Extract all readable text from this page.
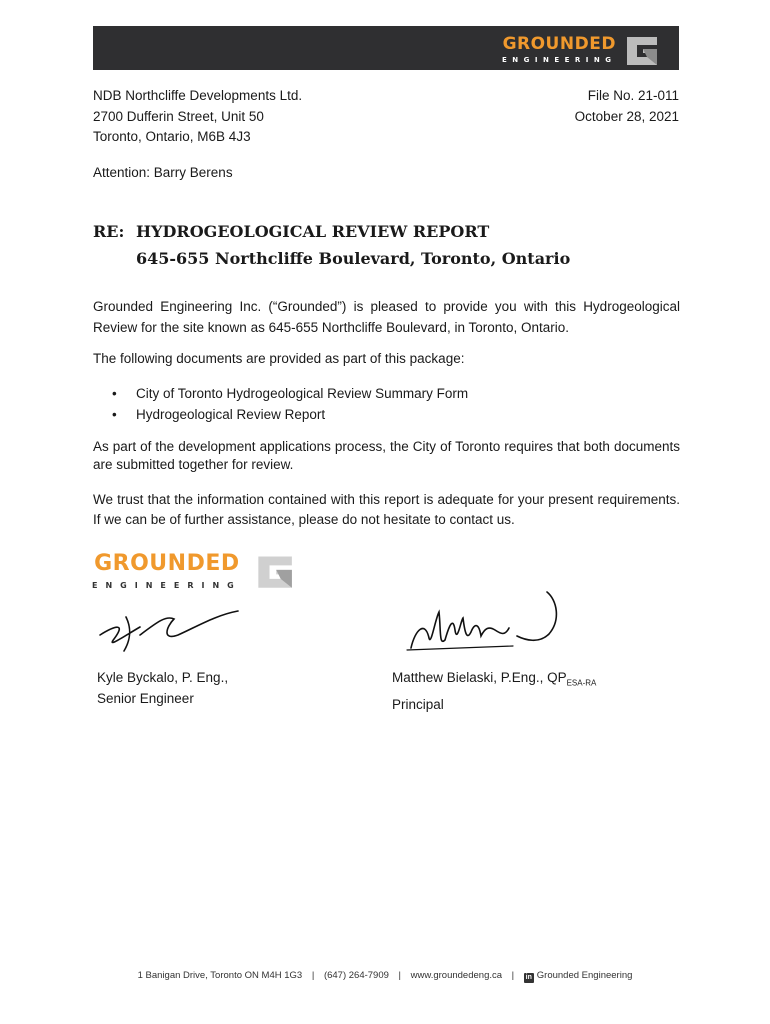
GROUNDED
ENGINEERING
NDB Northcliffe Developments Ltd.
2700 Dufferin Street, Unit 50
Toronto, Ontario, M6B 4J3
File No. 21-011
October 28, 2021
Attention: Barry Berens
RE: HYDROGEOLOGICAL REVIEW REPORT
645-655 Northcliffe Boulevard, Toronto, Ontario
Grounded Engineering Inc. (“Grounded”) is pleased to provide you with this Hydrogeological Review for the site known as 645-655 Northcliffe Boulevard, in Toronto, Ontario.
The following documents are provided as part of this package:
• City of Toronto Hydrogeological Review Summary Form
• Hydrogeological Review Report
As part of the development applications process, the City of Toronto requires that both documents are submitted together for review.
We trust that the information contained with this report is adequate for your present requirements. If we can be of further assistance, please do not hesitate to contact us.
GROUNDED
ENGINEERING
Kyle Byckalo, P. Eng.,
Senior Engineer
Matthew Bielaski, P.Eng., $QP_{ESA-RA}$
Principal
1 Banigan Drive, Toronto ON M4H 1G3 | (647) 264-7909 | www.groundedeng.ca | in Grounded Engineering
